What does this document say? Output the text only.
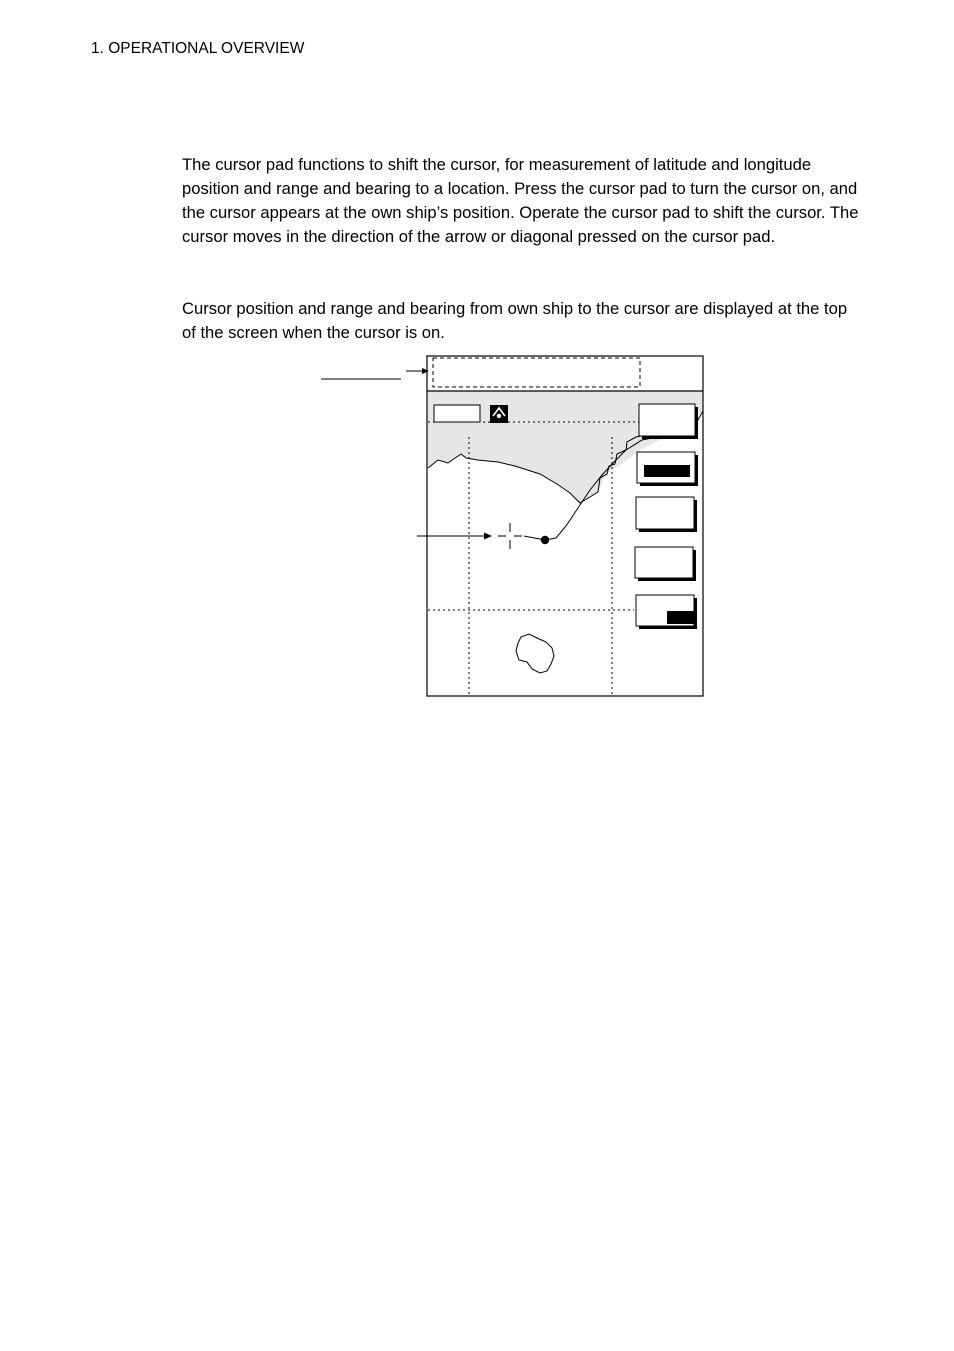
1. OPERATIONAL OVERVIEW

The cursor pad functions to shift the cursor, for measurement of latitude and longitude position and range and bearing to a location. Press the cursor pad to turn the cursor on, and the cursor appears at the own ship’s position. Operate the cursor pad to shift the cursor. The cursor moves in the direction of the arrow or diagonal pressed on the cursor pad.

Cursor position and range and bearing from own ship to the cursor are displayed at the top of the screen when the cursor is on.
